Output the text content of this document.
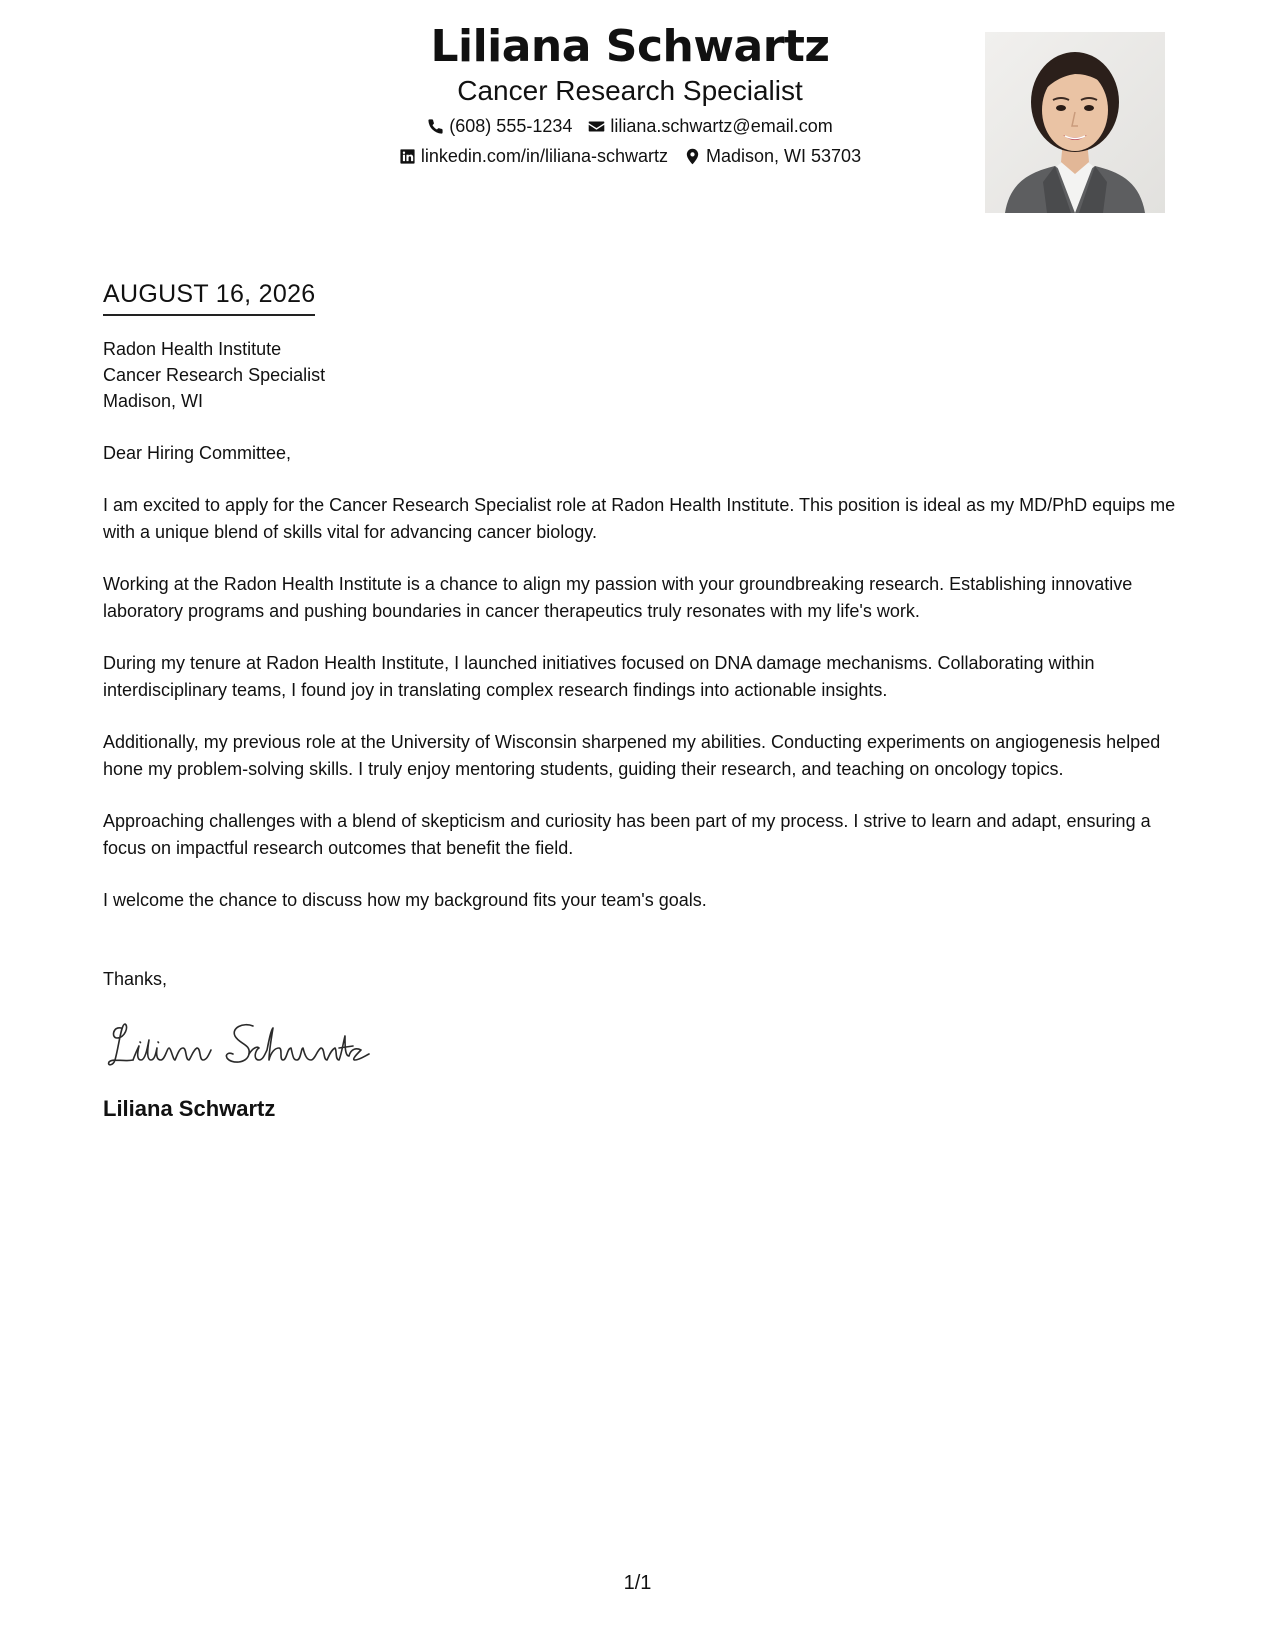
Liliana Schwartz
Cancer Research Specialist
(608) 555-1234 liliana.schwartz@email.com
linkedin.com/in/liliana-schwartz Madison, WI 53703
AUGUST 16, 2026
Radon Health Institute
Cancer Research Specialist
Madison, WI
Dear Hiring Committee,
I am excited to apply for the Cancer Research Specialist role at Radon Health Institute. This position is ideal as my MD/PhD equips me with a unique blend of skills vital for advancing cancer biology.
Working at the Radon Health Institute is a chance to align my passion with your groundbreaking research. Establishing innovative laboratory programs and pushing boundaries in cancer therapeutics truly resonates with my life's work.
During my tenure at Radon Health Institute, I launched initiatives focused on DNA damage mechanisms. Collaborating within interdisciplinary teams, I found joy in translating complex research findings into actionable insights.
Additionally, my previous role at the University of Wisconsin sharpened my abilities. Conducting experiments on angiogenesis helped hone my problem-solving skills. I truly enjoy mentoring students, guiding their research, and teaching on oncology topics.
Approaching challenges with a blend of skepticism and curiosity has been part of my process. I strive to learn and adapt, ensuring a focus on impactful research outcomes that benefit the field.
I welcome the chance to discuss how my background fits your team's goals.
Thanks,
Liliana Schwartz
1/1
